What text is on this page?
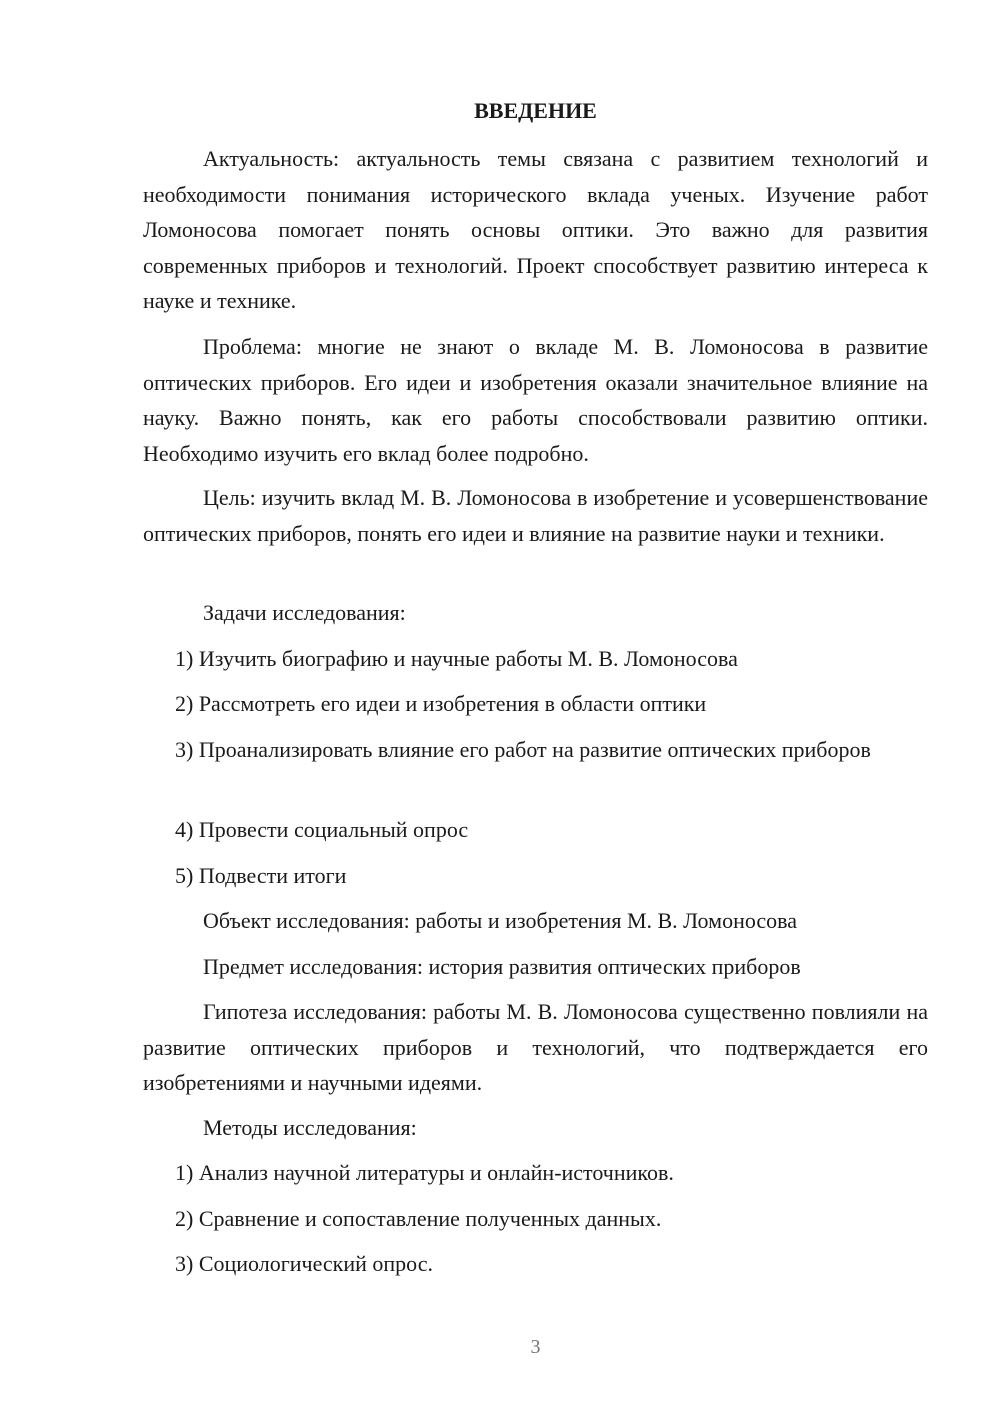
ВВЕДЕНИЕ

Актуальность: актуальность темы связана с развитием технологий и необходимости понимания исторического вклада ученых. Изучение работ Ломоносова помогает понять основы оптики. Это важно для развития современных приборов и технологий. Проект способствует развитию интереса к науке и технике.

Проблема: многие не знают о вкладе М. В. Ломоносова в развитие оптических приборов. Его идеи и изобретения оказали значительное влияние на науку. Важно понять, как его работы способствовали развитию оптики. Необходимо изучить его вклад более подробно.

Цель: изучить вклад М. В. Ломоносова в изобретение и усовершенствование оптических приборов, понять его идеи и влияние на развитие науки и техники.

Задачи исследования:

1) Изучить биографию и научные работы М. В. Ломоносова

2) Рассмотреть его идеи и изобретения в области оптики

3) Проанализировать влияние его работ на развитие оптических приборов

4) Провести социальный опрос

5) Подвести итоги

Объект исследования: работы и изобретения М. В. Ломоносова

Предмет исследования: история развития оптических приборов

Гипотеза исследования: работы М. В. Ломоносова существенно повлияли на развитие оптических приборов и технологий, что подтверждается его изобретениями и научными идеями.

Методы исследования:

1) Анализ научной литературы и онлайн-источников.

2) Сравнение и сопоставление полученных данных.

3) Социологический опрос.

3
